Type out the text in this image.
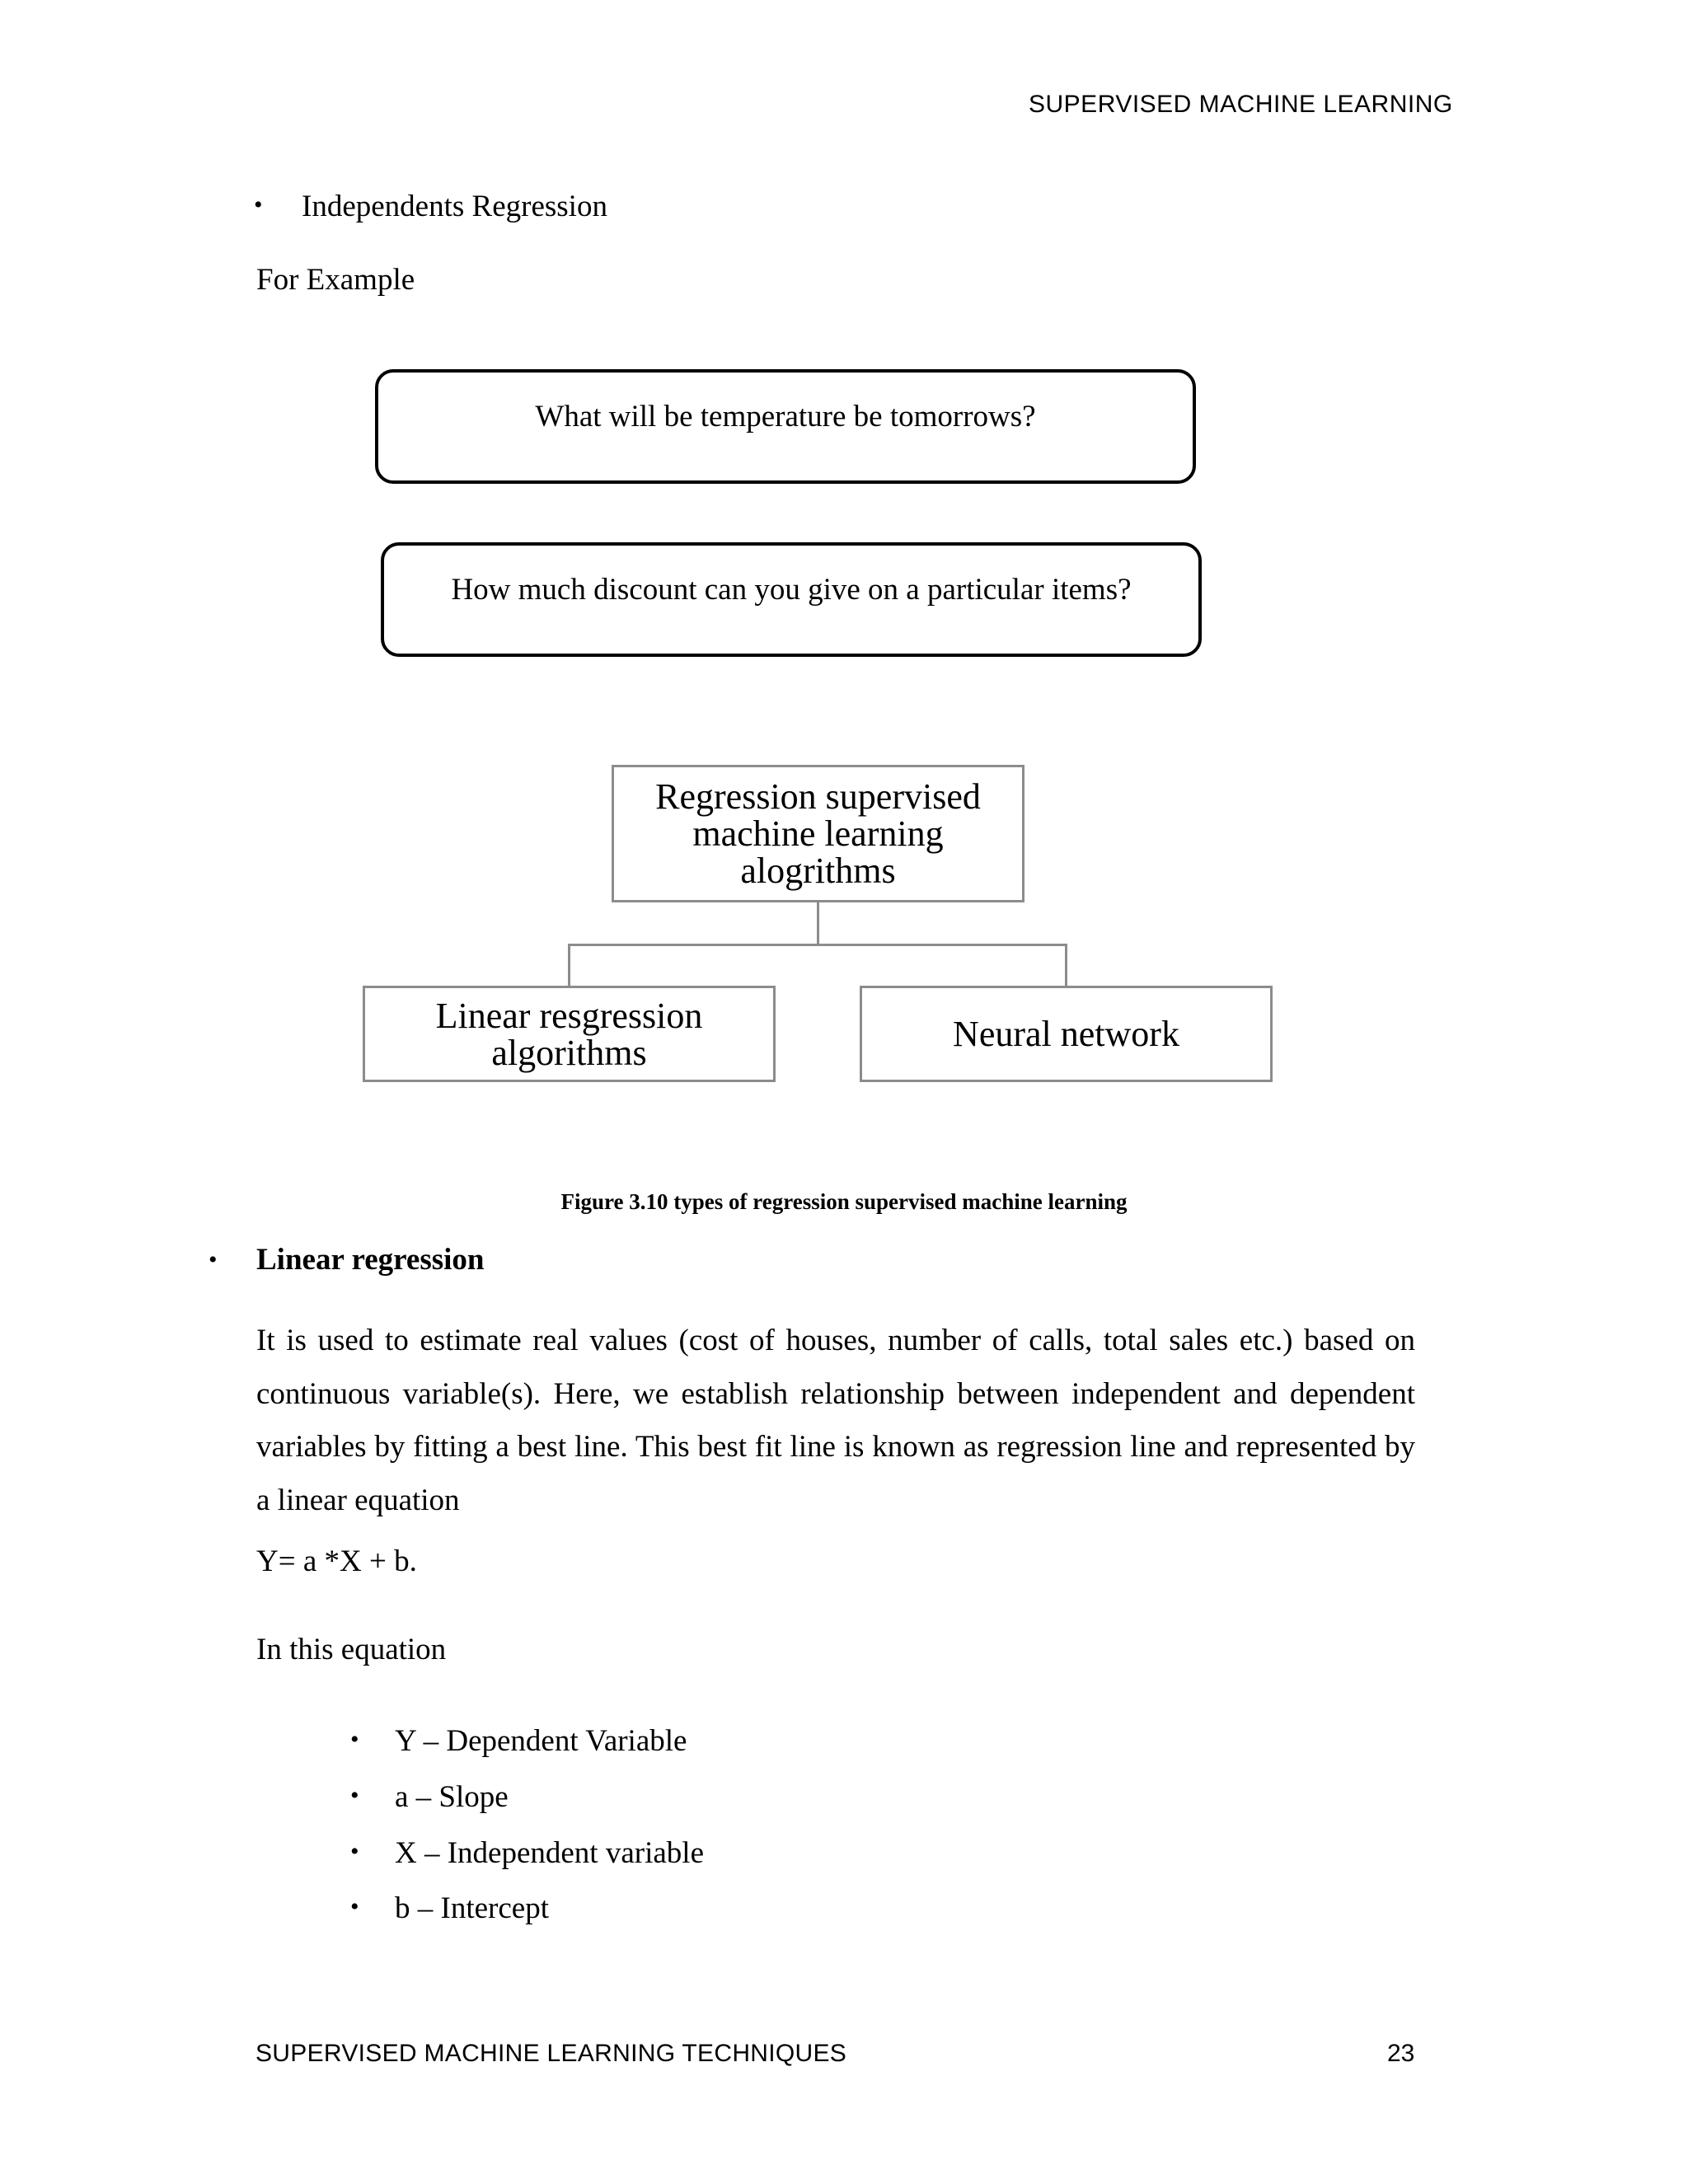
SUPERVISED MACHINE LEARNING
• Independents Regression
For Example
What will be temperature be tomorrows?
How much discount can you give on a particular items?
Regression supervised
machine learning
alogrithms
Linear resgression
algorithms	Neural network
Figure 3.10 types of regression supervised machine learning
• Linear regression
It is used to estimate real values (cost of houses, number of calls, total sales etc.) based on continuous variable(s). Here, we establish relationship between independent and dependent variables by fitting a best line. This best fit line is known as regression line and represented by a linear equation
Y= a *X + b.
In this equation
• Y – Dependent Variable
• a – Slope
• X – Independent variable
• b – Intercept
SUPERVISED MACHINE LEARNING TECHNIQUES	23
